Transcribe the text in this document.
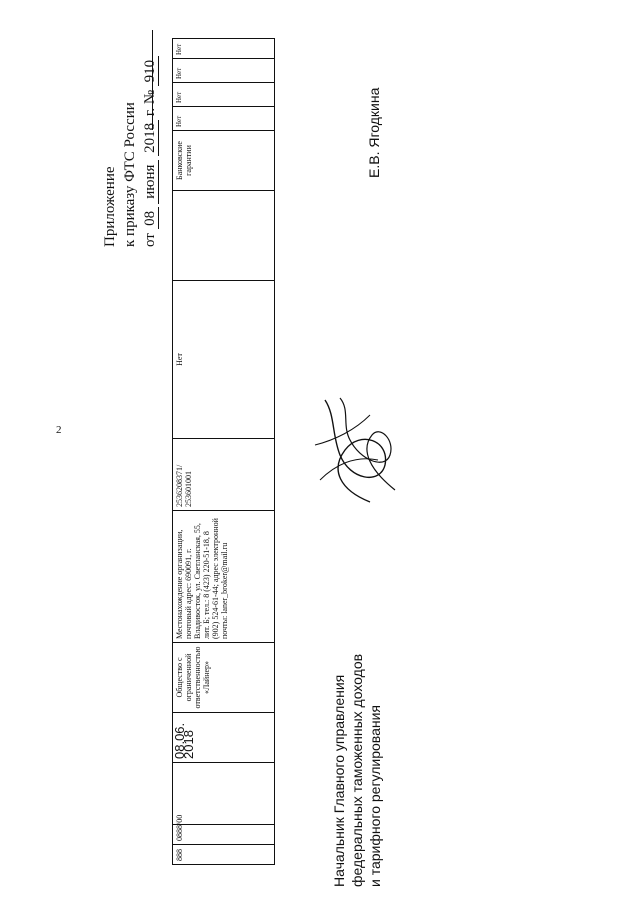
2
Приложение к приказу ФТС России от 08 июня 2018 г. № 910
888	0888/00		08.06. 2018	Общество с ограниченной ответственностью «Лайнер»	Местонахождение организации, почтовый адрес: 690091, г. Владивосток, ул. Светланская, 55, лит. Б; тел.: 8 (423) 220-51-18, 8 (902) 524-61-44; адрес электронной почты: laner_broker@mail.ru	2536208371/ 253601001	Нет		Банковские гарантии	Нет	Нет	Нет	Нет
Начальник Главного управления федеральных таможенных доходов и тарифного регулирования
Е.В. Ягодкина
